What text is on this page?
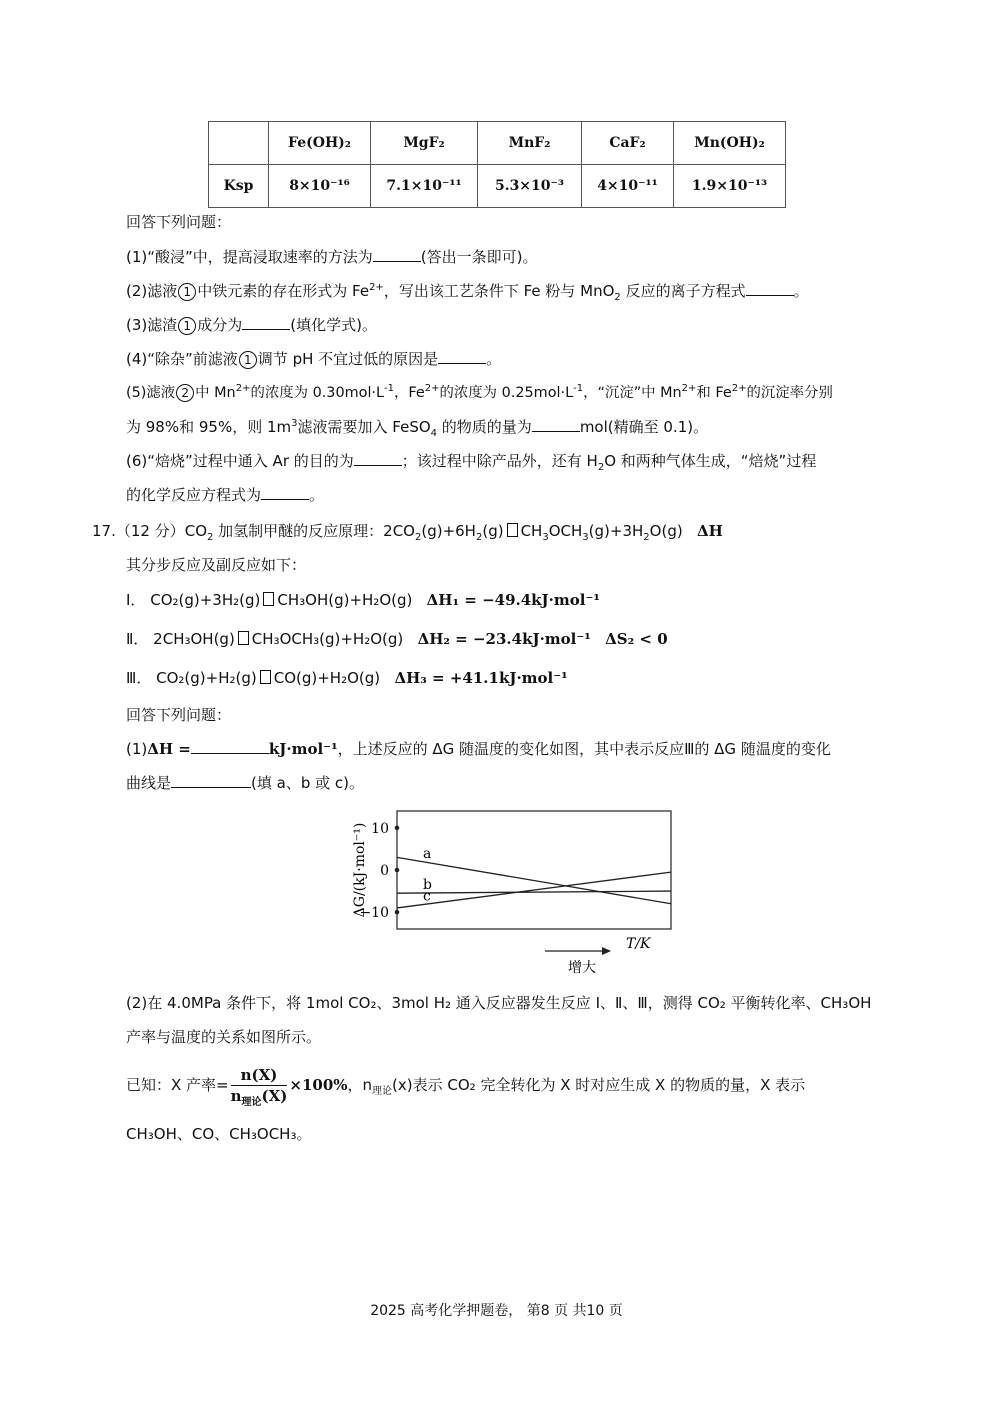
	Fe(OH)₂	MgF₂	MnF₂	CaF₂	Mn(OH)₂
Ksp	8×10⁻¹⁶	7.1×10⁻¹¹	5.3×10⁻³	4×10⁻¹¹	1.9×10⁻¹³
回答下列问题：
(1)“酸浸”中，提高浸取速率的方法为	(答出一条即可)。
(2)滤液 1 中铁元素的存在形式为 $Fe^{2+}$，写出该工艺条件下 Fe 粉与 MnO$_2$ 反应的离子方程式	。
(3)滤渣 1 成分为	(填化学式)。
(4)“除杂”前滤液 1 调节 pH 不宜过低的原因是	。
(5)滤液 2 中 $Mn^{2+}$的浓度为 $0.30mol\cdot L^{-1}$，$Fe^{2+}$的浓度为 $0.25mol\cdot L^{-1}$，“沉淀”中 $Mn^{2+}$和 $Fe^{2+}$的沉淀率分别
为 98%和 95%，则 $1m^3$滤液需要加入 FeSO$_4$ 的物质的量为	mol(精确至 0.1)。
(6)“焙烧”过程中通入 Ar 的目的为	；该过程中除产品外，还有 $H_2O$ 和两种气体生成，“焙烧”过程
的化学反应方程式为	。
17.（12 分）$CO_2$ 加氢制甲醚的反应原理：$2CO_2(g)+6H_2(g)$ $CH_3OCH_3(g)+3H_2O(g)$ ΔH
其分步反应及副反应如下：
I． CO₂(g)+3H₂(g) CH₃OH(g)+H₂O(g) ΔH₁ = −49.4kJ·mol⁻¹
Ⅱ． 2CH₃OH(g) CH₃OCH₃(g)+H₂O(g) ΔH₂ = −23.4kJ·mol⁻¹ ΔS₂ < 0
Ⅲ． CO₂(g)+H₂(g) CO(g)+H₂O(g) ΔH₃ = +41.1kJ·mol⁻¹
回答下列问题：
(1)ΔH =	kJ·mol⁻¹，上述反应的 ΔG 随温度的变化如图，其中表示反应Ⅲ的 ΔG 随温度的变化
曲线是	(填 a、b 或 c)。
ΔG/(kJ·mol⁻¹) 10
0
−10
a
b
c
T/K
增大
(2)在 4.0MPa 条件下，将 1mol CO₂、3mol H₂ 通入反应器发生反应 Ⅰ、Ⅱ、Ⅲ，测得 CO₂ 平衡转化率、CH₃OH
产率与温度的关系如图所示。
已知：X 产率= $\frac{n(X)}{n_{理论}(X)} \times 100\%$，$n_{理论}(x)$表示 CO₂ 完全转化为 X 时对应生成 X 的物质的量，X 表示
CH₃OH、CO、CH₃OCH₃。
2025 高考化学押题卷， 第8 页 共10 页
